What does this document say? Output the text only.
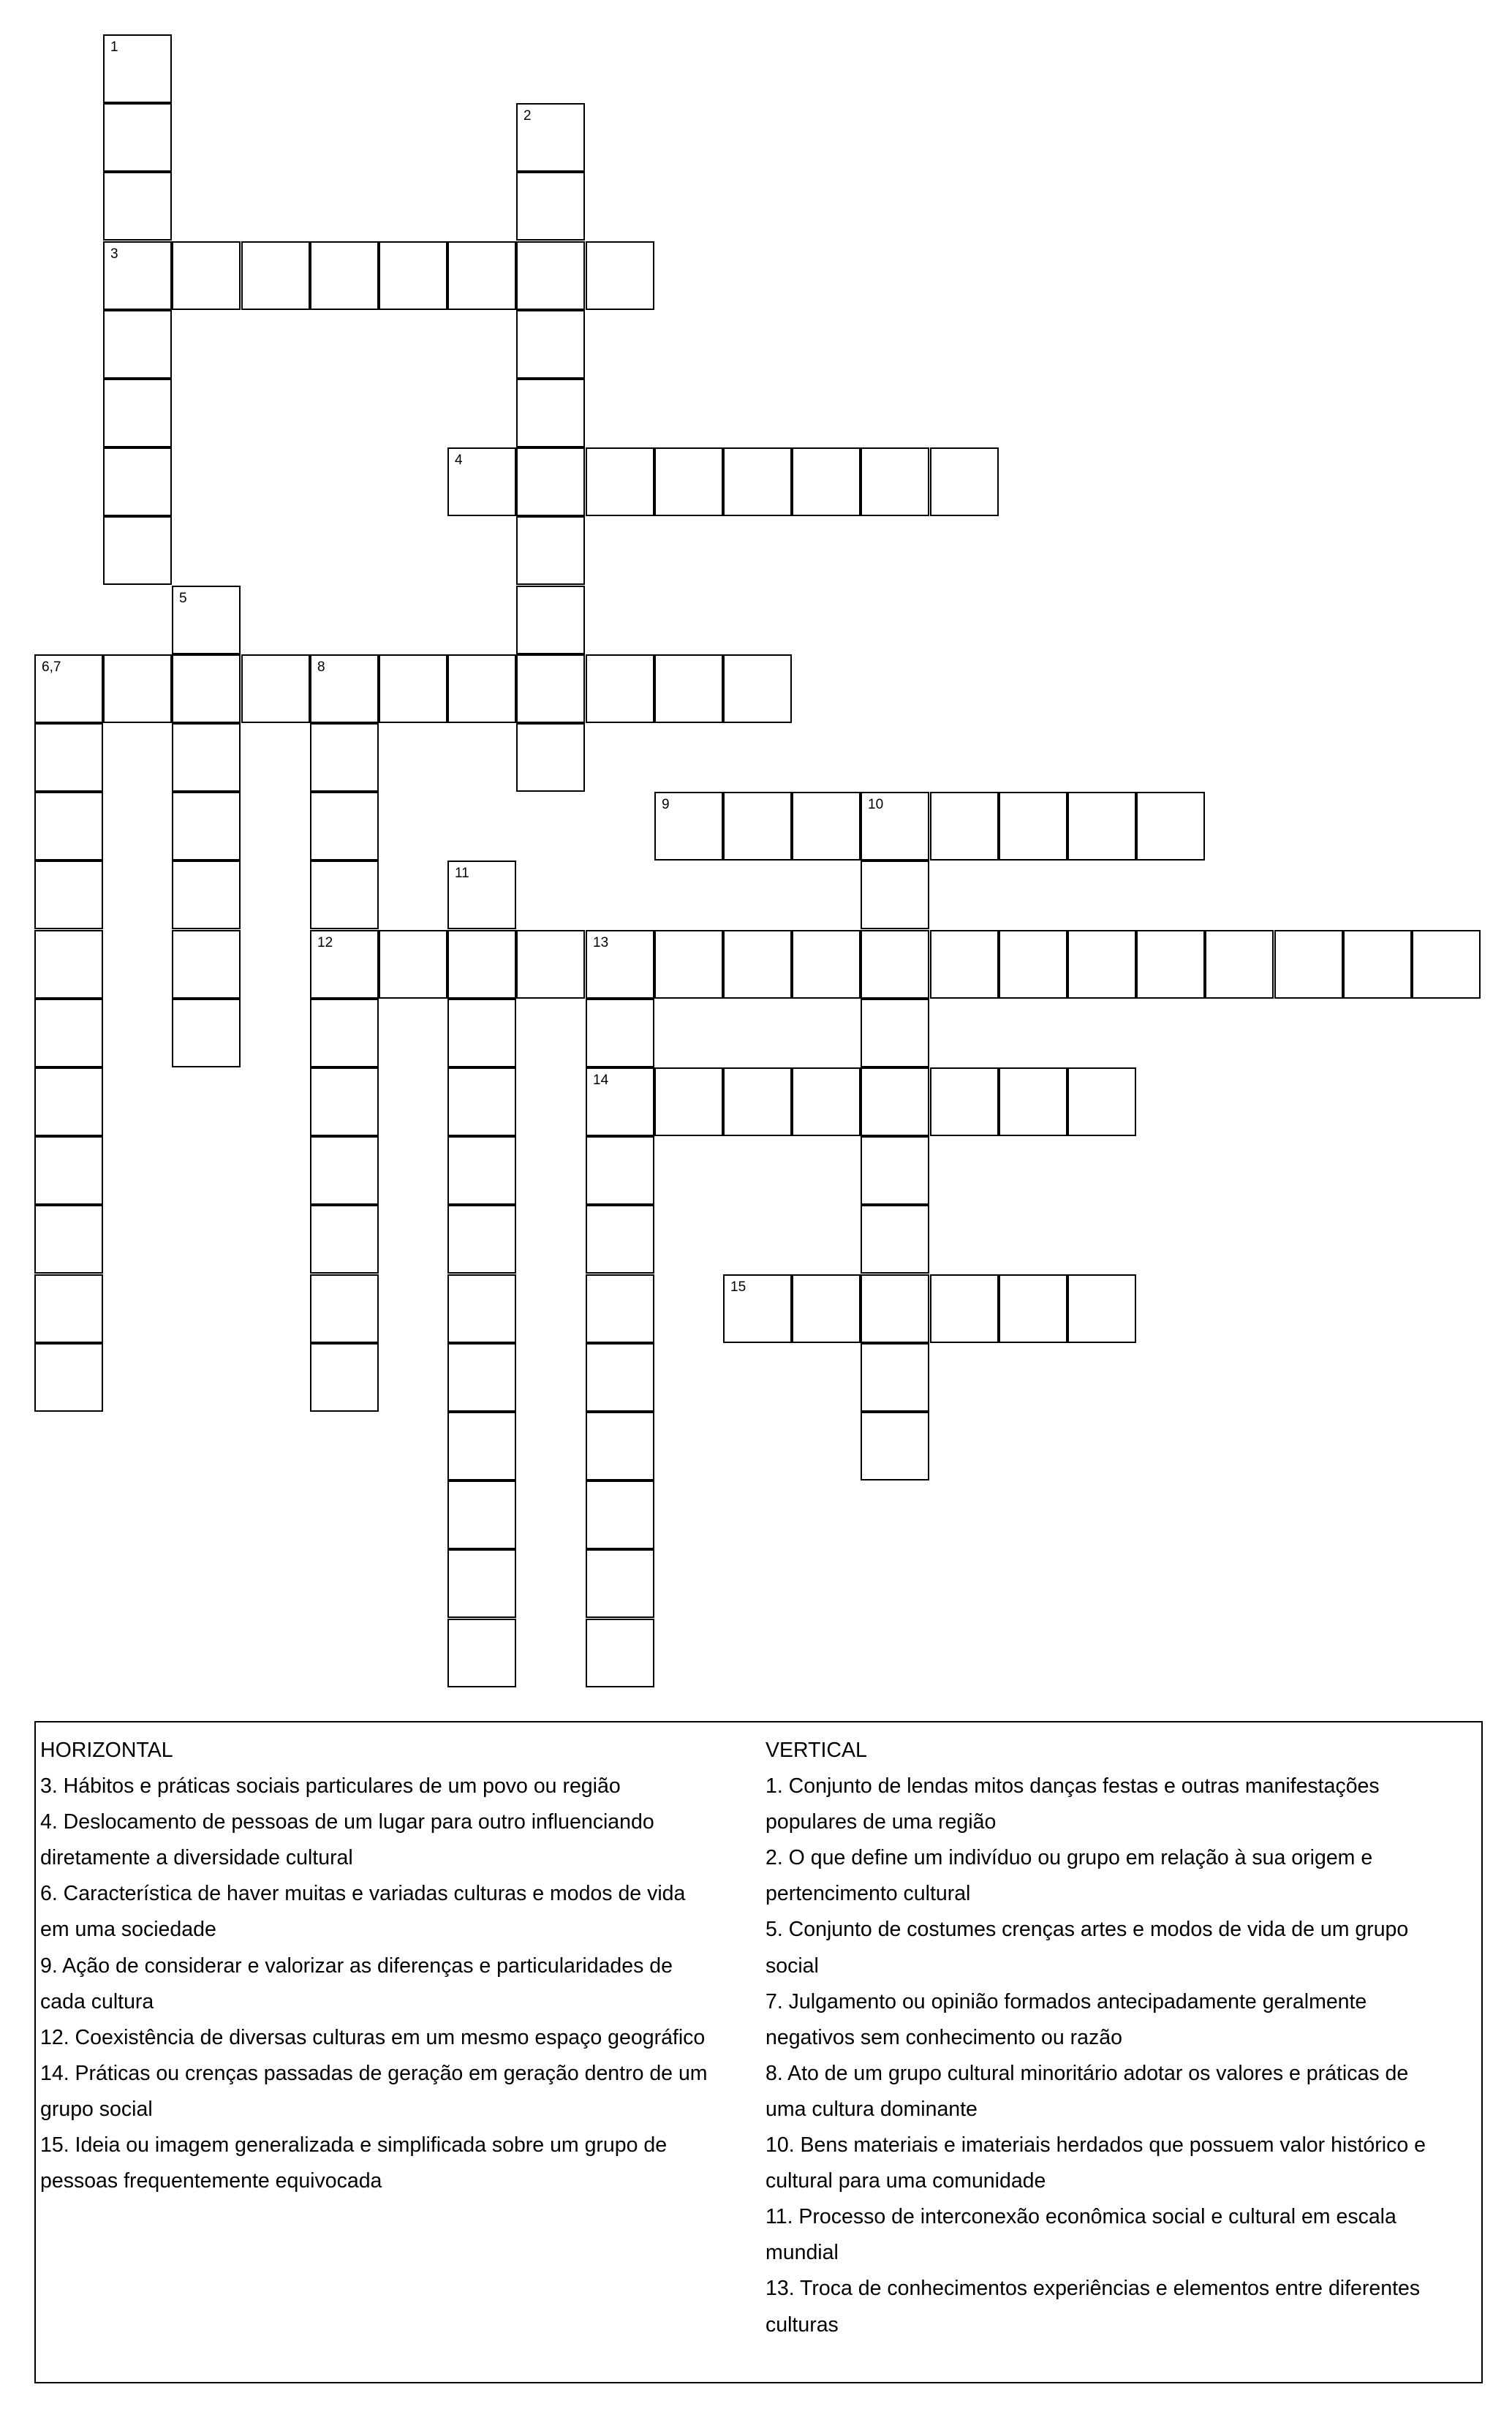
1
3
2
4
5
6,7	8
12
9	10
11
13
14
15

HORIZONTAL

3. Hábitos e práticas sociais particulares de um povo ou região

4. Deslocamento de pessoas de um lugar para outro influenciando

diretamente a diversidade cultural

6. Característica de haver muitas e variadas culturas e modos de vida

em uma sociedade

9. Ação de considerar e valorizar as diferenças e particularidades de

cada cultura

12. Coexistência de diversas culturas em um mesmo espaço geográfico

14. Práticas ou crenças passadas de geração em geração dentro de um

grupo social

15. Ideia ou imagem generalizada e simplificada sobre um grupo de

pessoas frequentemente equivocada

VERTICAL

1. Conjunto de lendas mitos danças festas e outras manifestações

populares de uma região

2. O que define um indivíduo ou grupo em relação à sua origem e

pertencimento cultural

5. Conjunto de costumes crenças artes e modos de vida de um grupo

social

7. Julgamento ou opinião formados antecipadamente geralmente

negativos sem conhecimento ou razão

8. Ato de um grupo cultural minoritário adotar os valores e práticas de

uma cultura dominante

10. Bens materiais e imateriais herdados que possuem valor histórico e

cultural para uma comunidade

11. Processo de interconexão econômica social e cultural em escala

mundial

13. Troca de conhecimentos experiências e elementos entre diferentes

culturas
